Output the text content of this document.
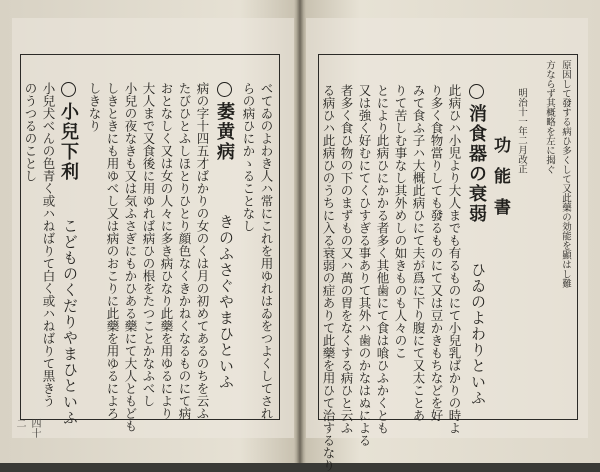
原因して發する病ひ多くして又此藥の効能を顯はし難
方ならず其概略を左に揭ぐ
明治十一年二月改正
功能書
消食器の衰弱
ひゐのよわりといふ
此病ひハ小児より大人までも有るものにて小兒乳ばかりの時よ
り多く食物當りしても發るものにて又は豆かきもちなどを好
みて食ふ子ハ大概此病ひにて夫が爲に下り腹にて又太ことあ
りて苦しむ事なし其外めしの如きものも人々のこ
とにより此病ひにかかる者多く其他歯にて食は喰ひふかくとも
又は強く好むにてくひすぎる事ありて其外ハ歯のかなはぬによる
者多く食ひ物の下のまずもの又ハ萬の胃をなくする病ひと云ふ
る病ひハ此病ひのうちに入る衰弱の症ありて此藥を用ひて治するなり
べてゐのよわき人ハ常にこれを用ゆれはゐをつよくしてされ
らの病ひにかゝることなし
萎黄病
きのふさぐやまひといふ
病の字十四五才ばかりの女のくは月の初めてあるのちを云ふ
たびひとふしほとりひとり顔色なくきかねくなるものにて病
おとなしく又は女の人々に多き病ひなり此藥を用ゆるにより
大人まで又食後に用ゆれば病ひの根をたつことかなふべし
小兒の夜なきも又は気ふさぎにもかひある藥にて大人ともども
しきときにも用ゆべし又は病のおこりに此藥を用ゆるによろ
しきなり
小兒下利
こどものくだりやまひといふ
小兒犬べんの色青く或ハねばりて白く或ハねばりて黒きう
のうつるのことし
四十二
